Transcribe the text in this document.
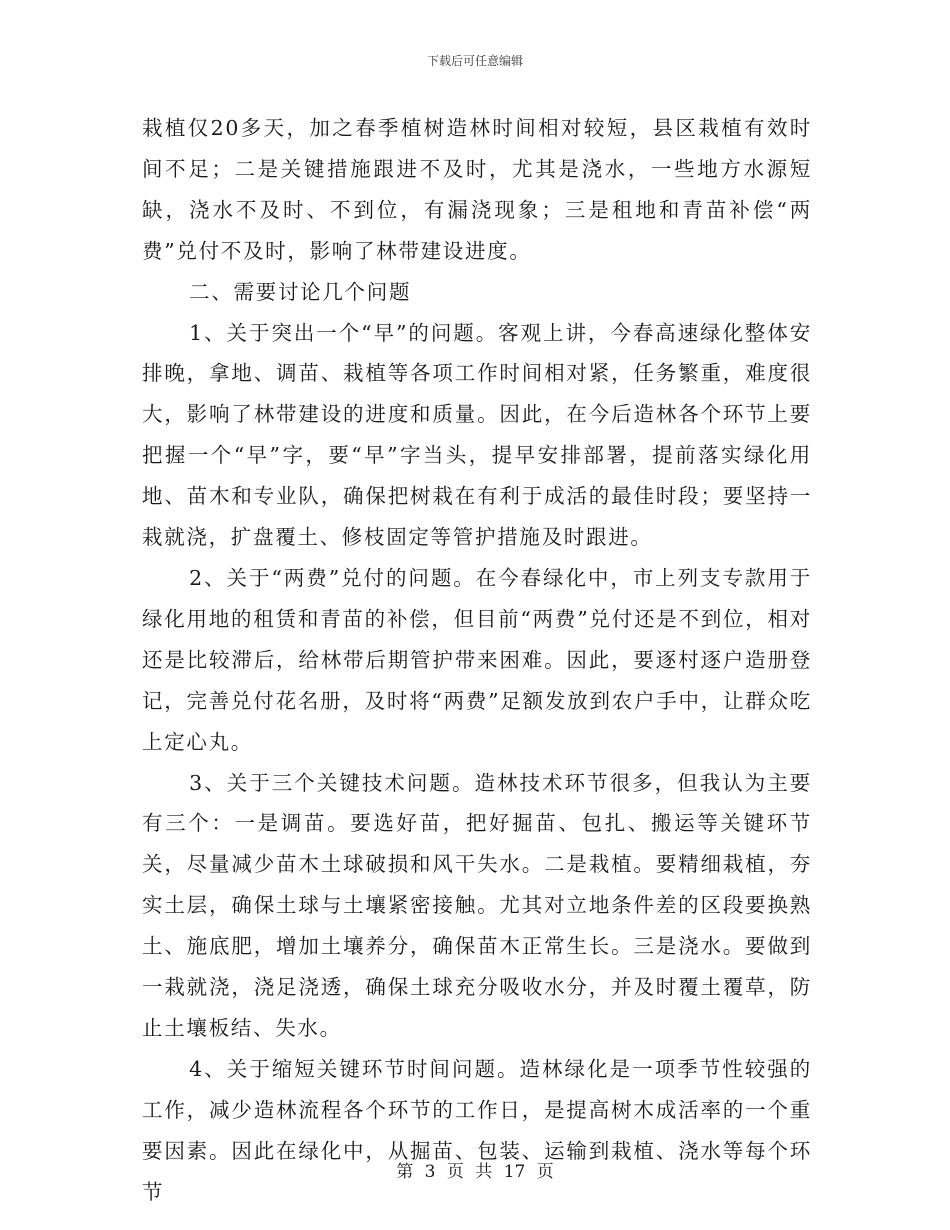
下载后可任意编辑

栽植仅20多天，加之春季植树造林时间相对较短，县区栽植有效时间不足；二是关键措施跟进不及时，尤其是浇水，一些地方水源短缺，浇水不及时、不到位，有漏浇现象；三是租地和青苗补偿“两费”兑付不及时，影响了林带建设进度。

二、需要讨论几个问题

1、关于突出一个“早”的问题。客观上讲，今春高速绿化整体安排晚，拿地、调苗、栽植等各项工作时间相对紧，任务繁重，难度很大，影响了林带建设的进度和质量。因此，在今后造林各个环节上要把握一个“早”字，要“早”字当头，提早安排部署，提前落实绿化用地、苗木和专业队，确保把树栽在有利于成活的最佳时段；要坚持一栽就浇，扩盘覆土、修枝固定等管护措施及时跟进。

2、关于“两费”兑付的问题。在今春绿化中，市上列支专款用于绿化用地的租赁和青苗的补偿，但目前“两费”兑付还是不到位，相对还是比较滞后，给林带后期管护带来困难。因此，要逐村逐户造册登记，完善兑付花名册，及时将“两费”足额发放到农户手中，让群众吃上定心丸。

3、关于三个关键技术问题。造林技术环节很多，但我认为主要有三个：一是调苗。要选好苗，把好掘苗、包扎、搬运等关键环节关，尽量减少苗木土球破损和风干失水。二是栽植。要精细栽植，夯实土层，确保土球与土壤紧密接触。尤其对立地条件差的区段要换熟土、施底肥，增加土壤养分，确保苗木正常生长。三是浇水。要做到一栽就浇，浇足浇透，确保土球充分吸收水分，并及时覆土覆草，防止土壤板结、失水。

4、关于缩短关键环节时间问题。造林绿化是一项季节性较强的工作，减少造林流程各个环节的工作日，是提高树木成活率的一个重要因素。因此在绿化中，从掘苗、包装、运输到栽植、浇水等每个环节

第 3 页 共 17 页
